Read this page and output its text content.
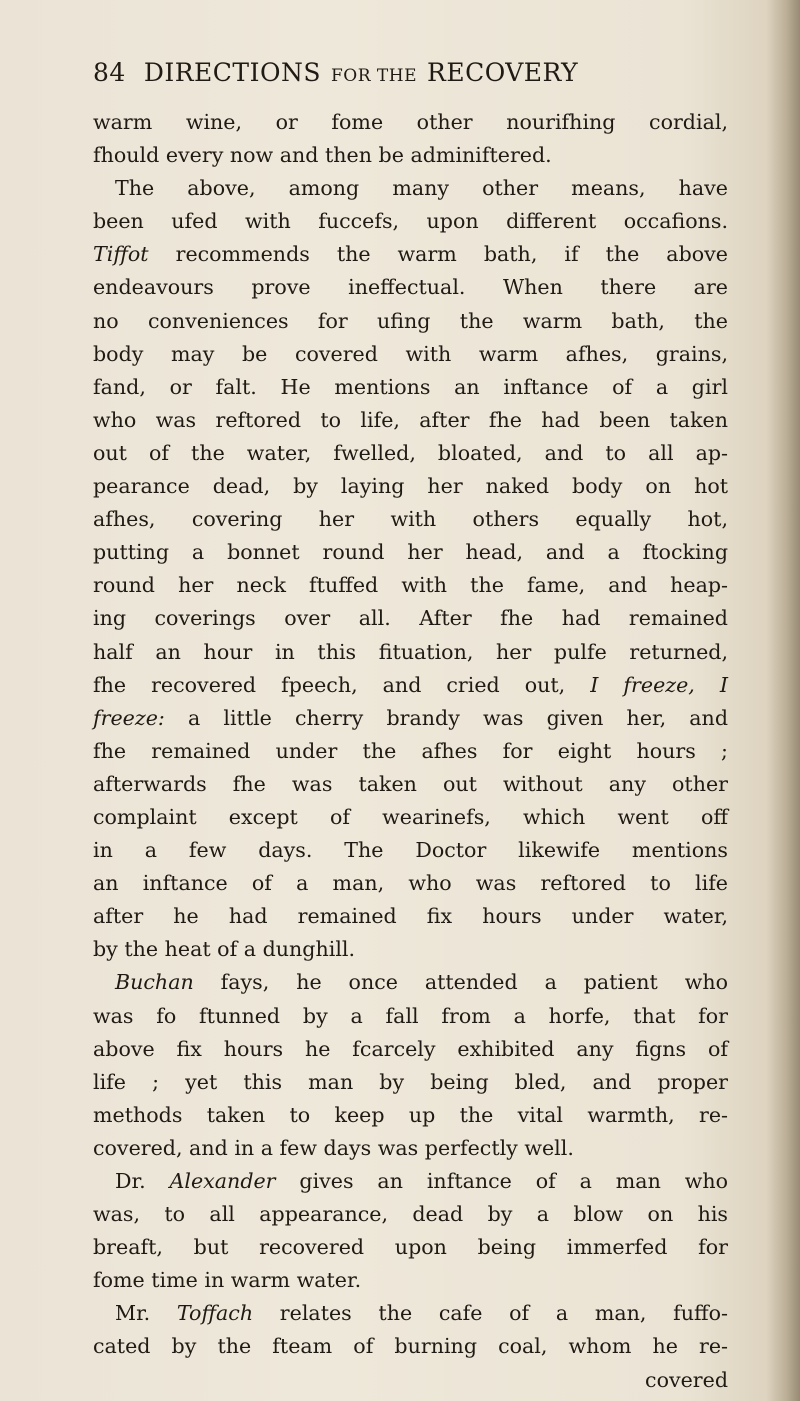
84 DIRECTIONS FOR THE RECOVERY
warm wine, or fome other nourifhing cordial,
fhould every now and then be adminiftered.
The above, among many other means, have
been ufed with fuccefs, upon different occafions.
Tiffot recommends the warm bath, if the above
endeavours prove ineffectual. When there are
no conveniences for ufing the warm bath, the
body may be covered with warm afhes, grains,
fand, or falt. He mentions an inftance of a girl
who was reftored to life, after fhe had been taken
out of the water, fwelled, bloated, and to all ap-
pearance dead, by laying her naked body on hot
afhes, covering her with others equally hot,
putting a bonnet round her head, and a ftocking
round her neck ftuffed with the fame, and heap-
ing coverings over all. After fhe had remained
half an hour in this fituation, her pulfe returned,
fhe recovered fpeech, and cried out, I freeze, I
freeze: a little cherry brandy was given her, and
fhe remained under the afhes for eight hours ;
afterwards fhe was taken out without any other
complaint except of wearinefs, which went off
in a few days. The Doctor likewife mentions
an inftance of a man, who was reftored to life
after he had remained fix hours under water,
by the heat of a dunghill.
Buchan fays, he once attended a patient who
was fo ftunned by a fall from a horfe, that for
above fix hours he fcarcely exhibited any figns of
life ; yet this man by being bled, and proper
methods taken to keep up the vital warmth, re-
covered, and in a few days was perfectly well.
Dr. Alexander gives an inftance of a man who
was, to all appearance, dead by a blow on his
breaft, but recovered upon being immerfed for
fome time in warm water.
Mr. Toffach relates the cafe of a man, fuffo-
cated by the fteam of burning coal, whom he re-
covered
